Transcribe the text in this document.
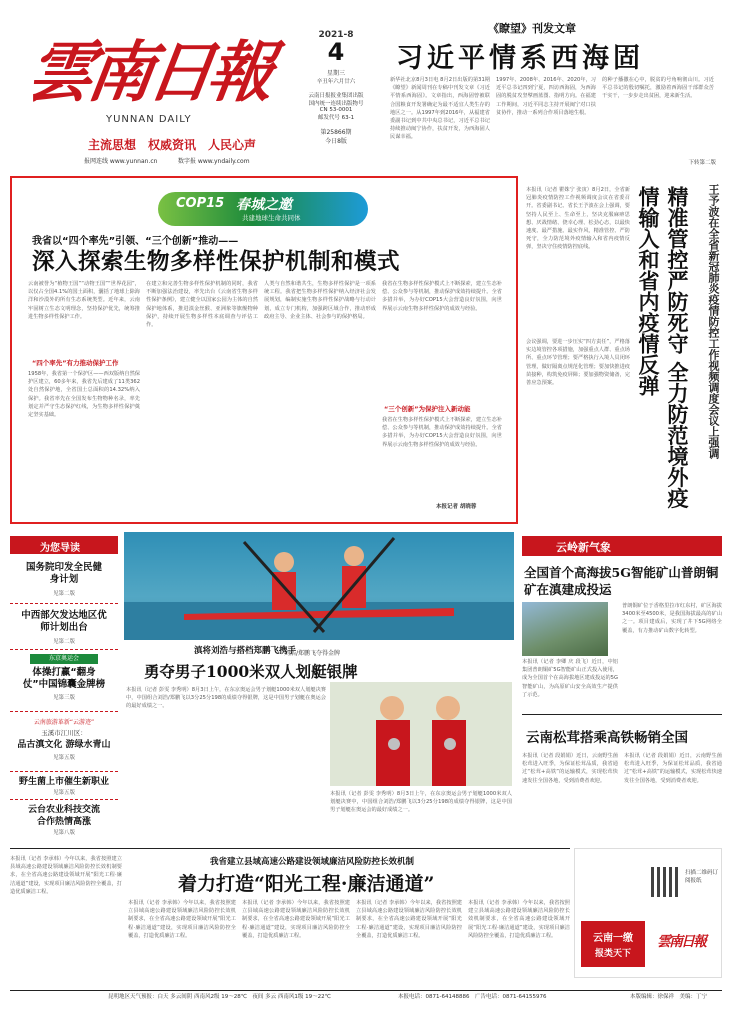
雲南日報
YUNNAN DAILY
主流思想　权威资讯　人民心声
报网连线 www.yunnan.cn	数字报 www.yndaily.com
2021-8
4
星期三
辛丑年六月廿六
云南日报报业集团出版
国内统一连续出版物号
CN 53-0001
邮发代号 63-1
第25866期
今日8版
《瞭望》刊发文章
习近平情系西海固
新华社北京8月3日电 8月2日出版的第31期《瞭望》新闻周刊在专稿中刊发文章《习近平情系西海固》。文章指出，西海固曾被联合国粮食开发署确定为最不适宜人类生存的地区之一。从1997年到2016年，从福建省委副书记到中共中央总书记，习近平总书记持续推动闽宁协作，扶贫开发，为西海固人民谋幸福。
1997年、2008年、2016年、2020年，习近平总书记四到宁夏，四访西海固，为西海固的脱贫攻坚擘画蓝图、指明方向。在福建工作期间，习近平同志主持开展闽宁对口扶贫协作，推动一系列合作项目落地生根。
的种子播撒在心中，脱贫的号角响彻山川。习近平总书记的殷切嘱托，激励着西海固干部群众苦干实干，一步步走出贫困，迎来新生活。
下转第二版
COP15 春城之邀
共建地球生命共同体
我省以“四个率先”引领、“三个创新”推动——
深入探索生物多样性保护机制和模式
云南被誉为“植物王国”“动物王国”“世界花园”，以仅占全国4.1%的国土面积，囊括了地球上除海洋和沙漠外的所有生态系统类型。近年来，云南牢固树立生态文明理念，坚持保护优先，统筹推进生物多样性保护工作。
“四个率先”有力推动保护工作
1958年，我省第一个保护区——西双版纳自然保护区建立，60多年来，我省先后建成了11类362处自然保护地，全省国土总面积的14.32%纳入保护。我省率先在全国发布生物物种名录，率先划定并严守生态保护红线，为生物多样性保护奠定坚实基础。
在建立和完善生物多样性保护机制的同时，我省不断加强法治建设，率先出台《云南省生物多样性保护条例》，建立健全以国家公园为主体的自然保护地体系，推进滇金丝猴、亚洲象等旗舰物种保护，持续开展生物多样性本底调查与评估工作。
人类与自然和谐共生，生物多样性保护是一项系统工程。我省把生物多样性保护纳入经济社会发展规划，编制实施生物多样性保护战略与行动计划，成立专门机构，加强跨区域合作，推动形成政府主导、企业主体、社会参与的保护格局。
我省在生物多样性保护模式上不断探索，建立生态补偿、公众参与等机制，推动保护成效持续提升。全省多措并举，为办好COP15大会营造良好氛围，向世界展示云南生物多样性保护的成效与经验。
“三个创新”为保护注入新动能
我省在生物多样性保护模式上不断探索，建立生态补偿、公众参与等机制，推动保护成效持续提升。全省多措并举，为办好COP15大会营造良好氛围，向世界展示云南生物多样性保护的成效与经验。
本报记者 胡晓蓉
本报讯（记者 瞿姝宁 张寅）8月2日，全省新冠肺炎疫情防控工作视频调度会议在省委召开。省委副书记、省长王予波在会上强调，要坚持人民至上、生命至上，坚决克服麻痹思想、厌战情绪、侥幸心理、松劲心态，以最快速度、最严措施、最实作风，精准管控、严防死守，全力防范境外疫情输入和省内疫情反弹，坚决守住疫情防控底线。
会议强调，要进一步压实“四方责任”，严格落实边境管控各项措施，加强重点人群、重点场所、重点环节管理；要严格执行入境人员闭环管理，做好隔离点规范化管理；要加快推进疫苗接种，构筑免疫屏障；要加强物资储备，完善应急预案。	精准管控严防死守 全力防范境外疫情输入和省内疫情反弹	王予波在全省新冠肺炎疫情防控工作视频调度会议上强调
为您导读
国务院印发全民健身计划
见第二版
中西部欠发达地区优师计划出台
见第二版
东京奥运会
体操打赢“翻身仗”中国锦囊金牌榜
见第三版
云南旅游革新“云游迹”
玉溪市江川区：
品古滇文化 游绿水青山
见第五版
野生菌上市催生新职业
见第五版
云台农业科技交流合作热情高涨
见第八版
刘浩/郑鹏飞夺得金牌
滇将刘浩与搭档郑鹏飞携手
勇夺男子1000米双人划艇银牌
本报讯（记者 彭雯 李秀明）8月3日上午，在东京奥运会男子划艇1000米双人划艇决赛中，中国组合刘浩/郑鹏飞以3分25分198的成绩夺得银牌，这是中国男子划艇在奥运会的最好成绩之一。
本报讯（记者 彭雯 李秀明）8月3日上午，在东京奥运会男子划艇1000米双人划艇决赛中，中国组合刘浩/郑鹏飞以3分25分198的成绩夺得银牌，这是中国男子划艇在奥运会的最好成绩之一。
云岭新气象
全国首个高海拔5G智能矿山普朗铜矿在滇建成投运
本报讯（记者 李卿 庆 段飞）近日，中铝集团普朗铜矿5G智能矿山正式投入使用，成为全国首个在高海拔地区建成投运的5G智能矿山，为高原矿山安全高效生产提供了示范。
普朗铜矿位于香格里拉市红东村，矿区海拔3400米至4500米，是我国海拔最高的矿山之一。项目建成后，实现了井下5G网络全覆盖，有力推动矿山数字化转型。
云南松茸搭乘高铁畅销全国
本报讯（记者 段娟娟）近日，云南野生菌松茸进入旺季，为保证松茸品质，我省通过“松茸+高铁”的运输模式，实现松茸快速发往全国各地，受到消费者欢迎。
本报讯（记者 段娟娟）近日，云南野生菌松茸进入旺季，为保证松茸品质，我省通过“松茸+高铁”的运输模式，实现松茸快速发往全国各地，受到消费者欢迎。
本报讯（记者 李承韩）今年以来，我省按照建立县域高速公路建设领域廉洁风险防控长效机制要求，在全省高速公路建设领域开展“阳光工程·廉洁通道”建设，实现项目廉洁风险防控全覆盖，打造优质廉洁工程。
我省建立县域高速公路建设领域廉洁风险防控长效机制
着力打造“阳光工程·廉洁通道”
本报讯（记者 李承韩）今年以来，我省按照建立县域高速公路建设领域廉洁风险防控长效机制要求，在全省高速公路建设领域开展“阳光工程·廉洁通道”建设，实现项目廉洁风险防控全覆盖，打造优质廉洁工程。
本报讯（记者 李承韩）今年以来，我省按照建立县域高速公路建设领域廉洁风险防控长效机制要求，在全省高速公路建设领域开展“阳光工程·廉洁通道”建设，实现项目廉洁风险防控全覆盖，打造优质廉洁工程。
本报讯（记者 李承韩）今年以来，我省按照建立县域高速公路建设领域廉洁风险防控长效机制要求，在全省高速公路建设领域开展“阳光工程·廉洁通道”建设，实现项目廉洁风险防控全覆盖，打造优质廉洁工程。
本报讯（记者 李承韩）今年以来，我省按照建立县域高速公路建设领域廉洁风险防控长效机制要求，在全省高速公路建设领域开展“阳光工程·廉洁通道”建设，实现项目廉洁风险防控全覆盖，打造优质廉洁工程。	云南一缴
报类天下
扫描二维码订阅报纸
雲南日報
昆明地区天气预报：白天 多云间阴 西南风2级 19～28℃　夜间 多云 西南风1级 19～22℃	本报电话：0871-64148886　广告电话：0871-64155976	本版编辑：徐保祥　美编：丁宁
